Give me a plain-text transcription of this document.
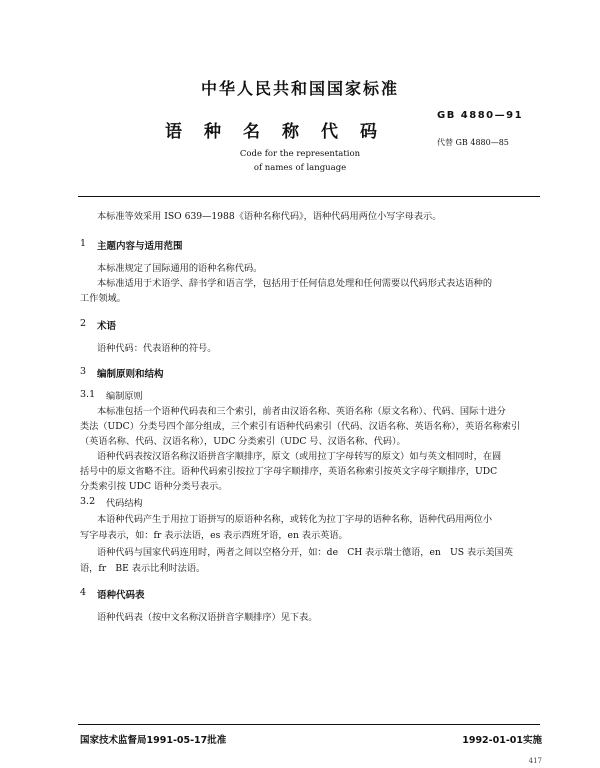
中华人民共和国国家标准
语种名称代码
GB 4880—91
代替 GB 4880—85
Code for the representation
of names of language
本标准等效采用 ISO 639—1988《语种名称代码》，语种代码用两位小写字母表示。
1 主题内容与适用范围
本标准规定了国际通用的语种名称代码。
本标准适用于术语学、辞书学和语言学，包括用于任何信息处理和任何需要以代码形式表达语种的
工作领域。
2 术语
语种代码：代表语种的符号。
3 编制原则和结构
3.1 编制原则
本标准包括一个语种代码表和三个索引，前者由汉语名称、英语名称（原文名称）、代码、国际十进分
类法（UDC）分类号四个部分组成，三个索引有语种代码索引（代码、汉语名称、英语名称），英语名称索引
（英语名称、代码、汉语名称），UDC 分类索引（UDC 号、汉语名称、代码）。
语种代码表按汉语名称汉语拼音字顺排序，原文（或用拉丁字母转写的原文）如与英文相同时，在圆
括号中的原文省略不注。语种代码索引按拉丁字母字顺排序，英语名称索引按英文字母字顺排序，UDC
分类索引按 UDC 语种分类号表示。
3.2 代码结构
本语种代码产生于用拉丁语拼写的原语种名称，或转化为拉丁字母的语种名称，语种代码用两位小
写字母表示，如：fr 表示法语，es 表示西班牙语，en 表示英语。
语种代码与国家代码连用时，两者之间以空格分开，如：de　CH 表示瑞士德语，en　US 表示美国英
语，fr　BE 表示比利时法语。
4 语种代码表
语种代码表（按中文名称汉语拼音字顺排序）见下表。
国家技术监督局1991-05-17批准	1992-01-01实施
417
